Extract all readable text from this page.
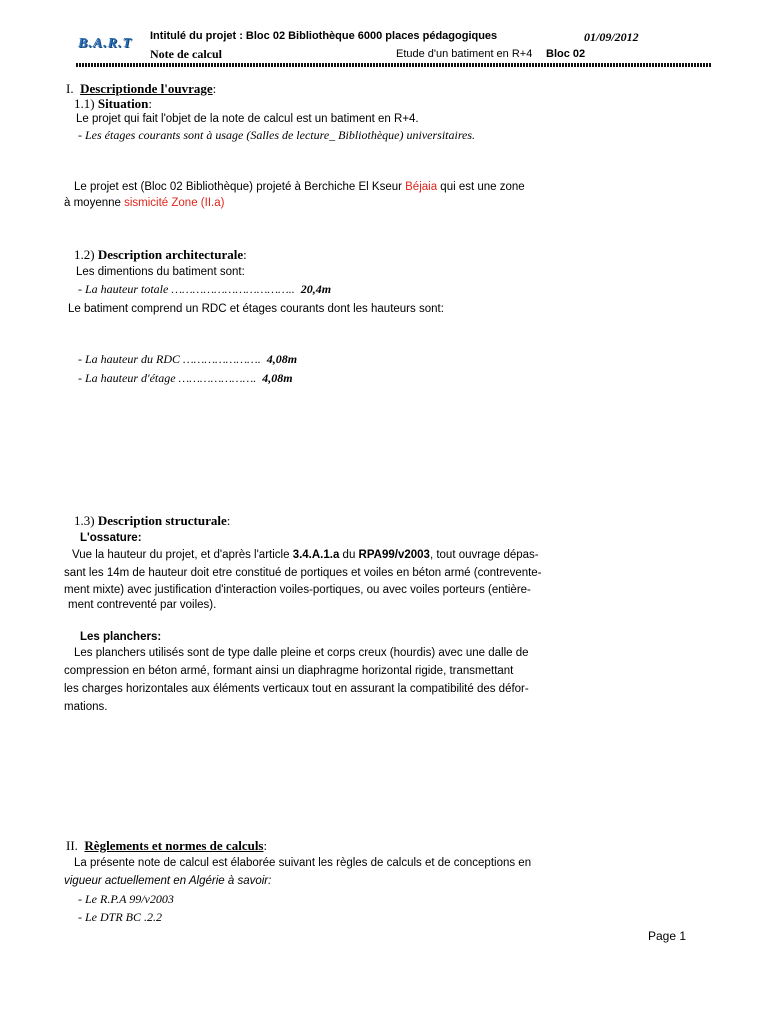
B.A.R.T Intitulé du projet : Bloc 02 Bibliothèque 6000 places pédagogiques	01/09/2012
Note de calcul	Etude d'un batiment en R+4 Bloc 02
I. Descriptionde l'ouvrage:
1.1) Situation:
Le projet qui fait l'objet de la note de calcul est un batiment en R+4.
- Les étages courants sont à usage (Salles de lecture_ Bibliothèque) universitaires.
Le projet est (Bloc 02 Bibliothèque) projeté à Berchiche El Kseur Béjaia qui est une zone
à moyenne sismicité Zone (II.a)
1.2) Description architecturale:
Les dimentions du batiment sont:
- La hauteur totale …………………………….. 20,4m
Le batiment comprend un RDC et étages courants dont les hauteurs sont:
- La hauteur du RDC …………………. 4,08m
- La hauteur d'étage …………………. 4,08m
1.3) Description structurale:
L'ossature:
Vue la hauteur du projet, et d'après l'article 3.4.A.1.a du RPA99/v2003, tout ouvrage dépas-
sant les 14m de hauteur doit etre constitué de portiques et voiles en béton armé (contrevente-
ment mixte) avec justification d'interaction voiles-portiques, ou avec voiles porteurs (entière-
ment contreventé par voiles).
Les planchers:
Les planchers utilisés sont de type dalle pleine et corps creux (hourdis) avec une dalle de
compression en béton armé, formant ainsi un diaphragme horizontal rigide, transmettant
les charges horizontales aux éléments verticaux tout en assurant la compatibilité des défor-
mations.
II. Règlements et normes de calculs:
La présente note de calcul est élaborée suivant les règles de calculs et de conceptions en
vigueur actuellement en Algérie à savoir:
- Le R.P.A 99/v2003
- Le DTR BC .2.2
Page 1
